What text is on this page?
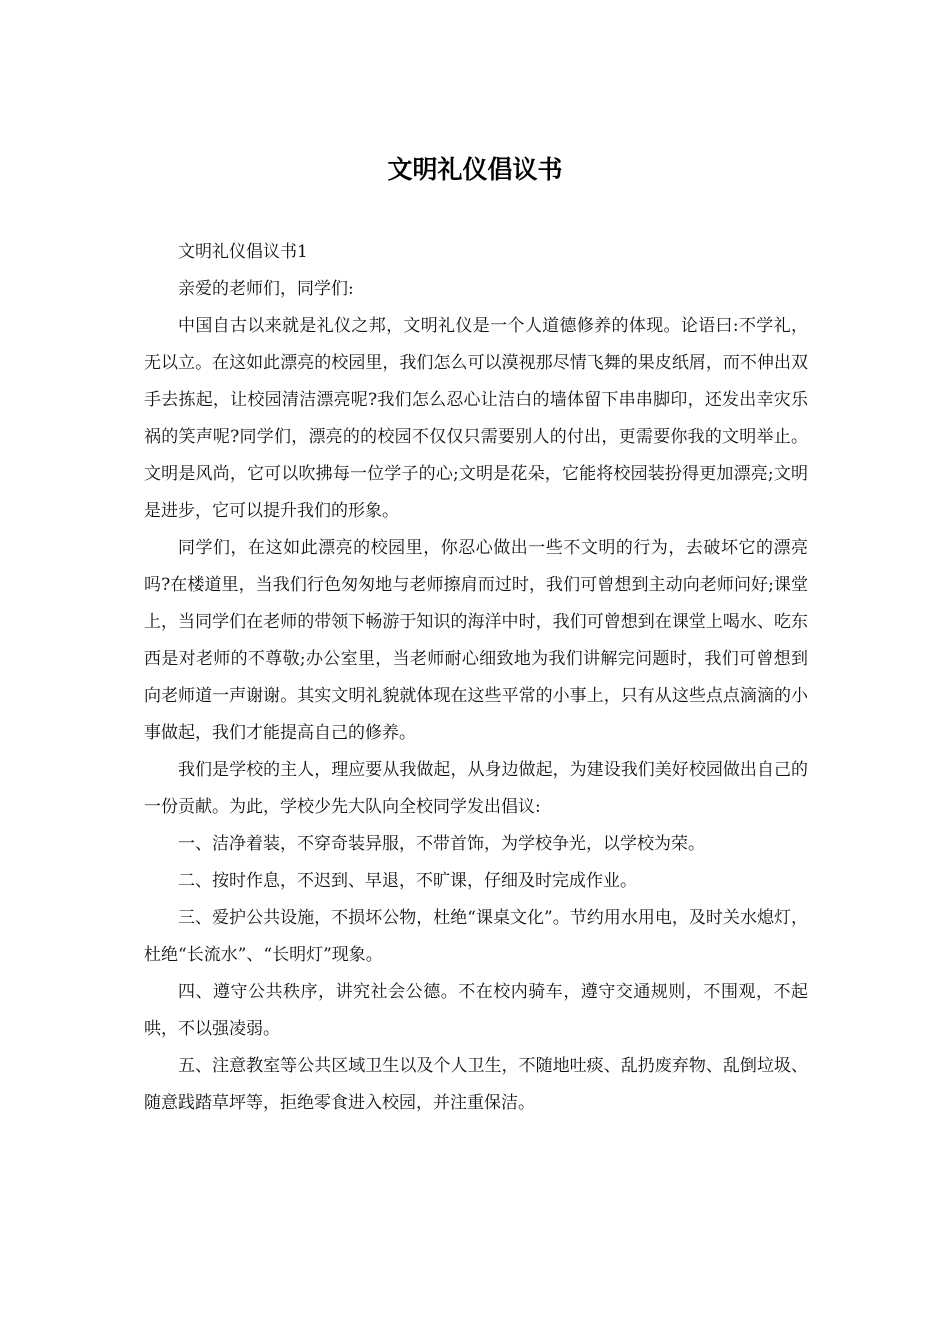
文明礼仪倡议书

文明礼仪倡议书1

亲爱的老师们，同学们:

中国自古以来就是礼仪之邦，文明礼仪是一个人道德修养的体现。论语曰:不学礼，无以立。在这如此漂亮的校园里，我们怎么可以漠视那尽情飞舞的果皮纸屑，而不伸出双手去拣起，让校园清洁漂亮呢?我们怎么忍心让洁白的墙体留下串串脚印，还发出幸灾乐祸的笑声呢?同学们，漂亮的的校园不仅仅只需要别人的付出，更需要你我的文明举止。文明是风尚，它可以吹拂每一位学子的心;文明是花朵，它能将校园装扮得更加漂亮;文明是进步，它可以提升我们的形象。

同学们，在这如此漂亮的校园里，你忍心做出一些不文明的行为，去破坏它的漂亮吗?在楼道里，当我们行色匆匆地与老师擦肩而过时，我们可曾想到主动向老师问好;课堂上，当同学们在老师的带领下畅游于知识的海洋中时，我们可曾想到在课堂上喝水、吃东西是对老师的不尊敬;办公室里，当老师耐心细致地为我们讲解完问题时，我们可曾想到向老师道一声谢谢。其实文明礼貌就体现在这些平常的小事上，只有从这些点点滴滴的小事做起，我们才能提高自己的修养。

我们是学校的主人，理应要从我做起，从身边做起，为建设我们美好校园做出自己的一份贡献。为此，学校少先大队向全校同学发出倡议:

一、洁净着装，不穿奇装异服，不带首饰，为学校争光，以学校为荣。

二、按时作息，不迟到、早退，不旷课，仔细及时完成作业。

三、爱护公共设施，不损坏公物，杜绝“课桌文化”。节约用水用电，及时关水熄灯，杜绝“长流水”、“长明灯”现象。

四、遵守公共秩序，讲究社会公德。不在校内骑车，遵守交通规则，不围观，不起哄，不以强凌弱。

五、注意教室等公共区域卫生以及个人卫生，不随地吐痰、乱扔废弃物、乱倒垃圾、随意践踏草坪等，拒绝零食进入校园，并注重保洁。
